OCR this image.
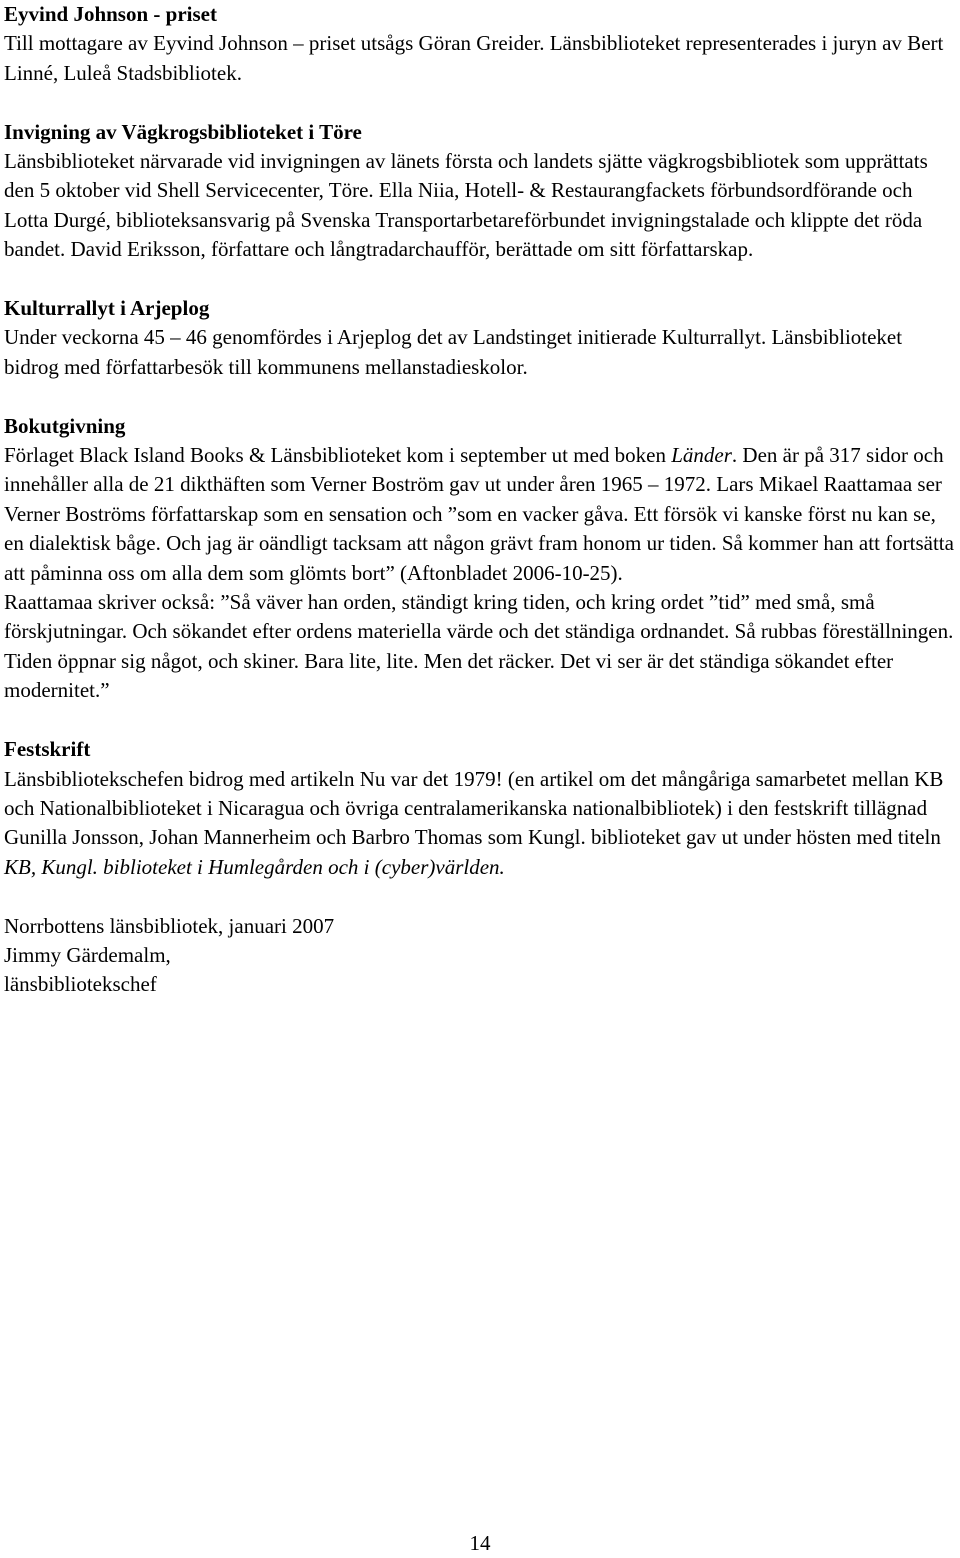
Eyvind Johnson - priset

Till mottagare av Eyvind Johnson – priset utsågs Göran Greider. Länsbiblioteket representerades i juryn av Bert Linné, Luleå Stadsbibliotek.

Invigning av Vägkrogsbiblioteket i Töre

Länsbiblioteket närvarade vid invigningen av länets första och landets sjätte vägkrogsbibliotek som upprättats den 5 oktober vid Shell Servicecenter, Töre. Ella Niia, Hotell- & Restaurangfackets förbundsordförande och Lotta Durgé, biblioteksansvarig på Svenska Transportarbetareförbundet invigningstalade och klippte det röda bandet. David Eriksson, författare och långtradarchaufför, berättade om sitt författarskap.

Kulturrallyt i Arjeplog

Under veckorna 45 – 46 genomfördes i Arjeplog det av Landstinget initierade Kulturrallyt. Länsbiblioteket bidrog med författarbesök till kommunens mellanstadieskolor.

Bokutgivning

Förlaget Black Island Books & Länsbiblioteket kom i september ut med boken Länder. Den är på 317 sidor och innehåller alla de 21 dikthäften som Verner Boström gav ut under åren 1965 – 1972. Lars Mikael Raattamaa ser Verner Boströms författarskap som en sensation och ”som en vacker gåva. Ett försök vi kanske först nu kan se, en dialektisk båge. Och jag är oändligt tacksam att någon grävt fram honom ur tiden. Så kommer han att fortsätta att påminna oss om alla dem som glömts bort” (Aftonbladet 2006-10-25).

Raattamaa skriver också: ”Så väver han orden, ständigt kring tiden, och kring ordet ”tid” med små, små förskjutningar. Och sökandet efter ordens materiella värde och det ständiga ordnandet. Så rubbas föreställningen. Tiden öppnar sig något, och skiner. Bara lite, lite. Men det räcker. Det vi ser är det ständiga sökandet efter modernitet.”

Festskrift

Länsbibliotekschefen bidrog med artikeln Nu var det 1979! (en artikel om det mångåriga samarbetet mellan KB och Nationalbiblioteket i Nicaragua och övriga centralamerikanska nationalbibliotek) i den festskrift tillägnad Gunilla Jonsson, Johan Mannerheim och Barbro Thomas som Kungl. biblioteket gav ut under hösten med titeln KB, Kungl. biblioteket i Humlegården och i (cyber)världen.

Norrbottens länsbibliotek, januari 2007

Jimmy Gärdemalm,

länsbibliotekschef

14
